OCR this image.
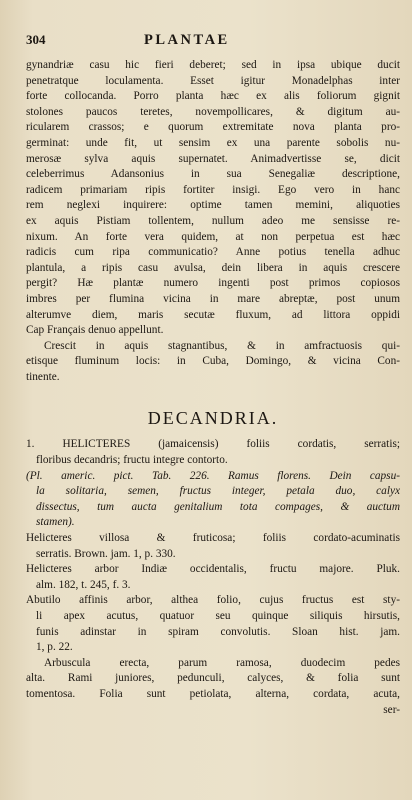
304	PLANTAE
gynandriæ casu hic fieri deberet; sed in ipsa ubique ducit
penetratque loculamenta. Esset igitur Monadelphas inter
forte collocanda. Porro planta hæc ex alis foliorum gignit
stolones paucos teretes, novempollicares, & digitum au-
ricularem crassos; e quorum extremitate nova planta pro-
germinat: unde fit, ut sensim ex una parente sobolis nu-
merosæ sylva aquis supernatet. Animadvertisse se, dicit
celeberrimus Adansonius in sua Senegaliæ descriptione,
radicem primariam ripis fortiter insigi. Ego vero in hanc
rem neglexi inquirere: optime tamen memini, aliquoties
ex aquis Pistiam tollentem, nullum adeo me sensisse re-
nixum. An forte vera quidem, at non perpetua est hæc
radicis cum ripa communicatio? Anne potius tenella adhuc
plantula, a ripis casu avulsa, dein libera in aquis crescere
pergit? Hæ plantæ numero ingenti post primos copiosos
imbres per flumina vicina in mare abreptæ, post unum
alterumve diem, maris secutæ fluxum, ad littora oppidi
Cap Français denuo appellunt.
Crescit in aquis stagnantibus, & in amfractuosis qui-
etisque fluminum locis: in Cuba, Domingo, & vicina Con-
tinente.
DECANDRIA.
1. HELICTERES (jamaicensis) foliis cordatis, serratis;
floribus decandris; fructu integre contorto.
(Pl. americ. pict. Tab. 226. Ramus florens. Dein capsu-
la solitaria, semen, fructus integer, petala duo, calyx
dissectus, tum aucta genitalium tota compages, & auctum
stamen).
Helicteres villosa & fruticosa; foliis cordato-acuminatis
serratis. Brown. jam. 1, p. 330.
Helicteres arbor Indiæ occidentalis, fructu majore. Pluk.
alm. 182, t. 245, f. 3.
Abutilo affinis arbor, althea folio, cujus fructus est sty-
li apex acutus, quatuor seu quinque siliquis hirsutis,
funis adinstar in spiram convolutis. Sloan hist. jam.
1, p. 22.
Arbuscula erecta, parum ramosa, duodecim pedes
alta. Rami juniores, pedunculi, calyces, & folia sunt
tomentosa. Folia sunt petiolata, alterna, cordata, acuta,
ser-
